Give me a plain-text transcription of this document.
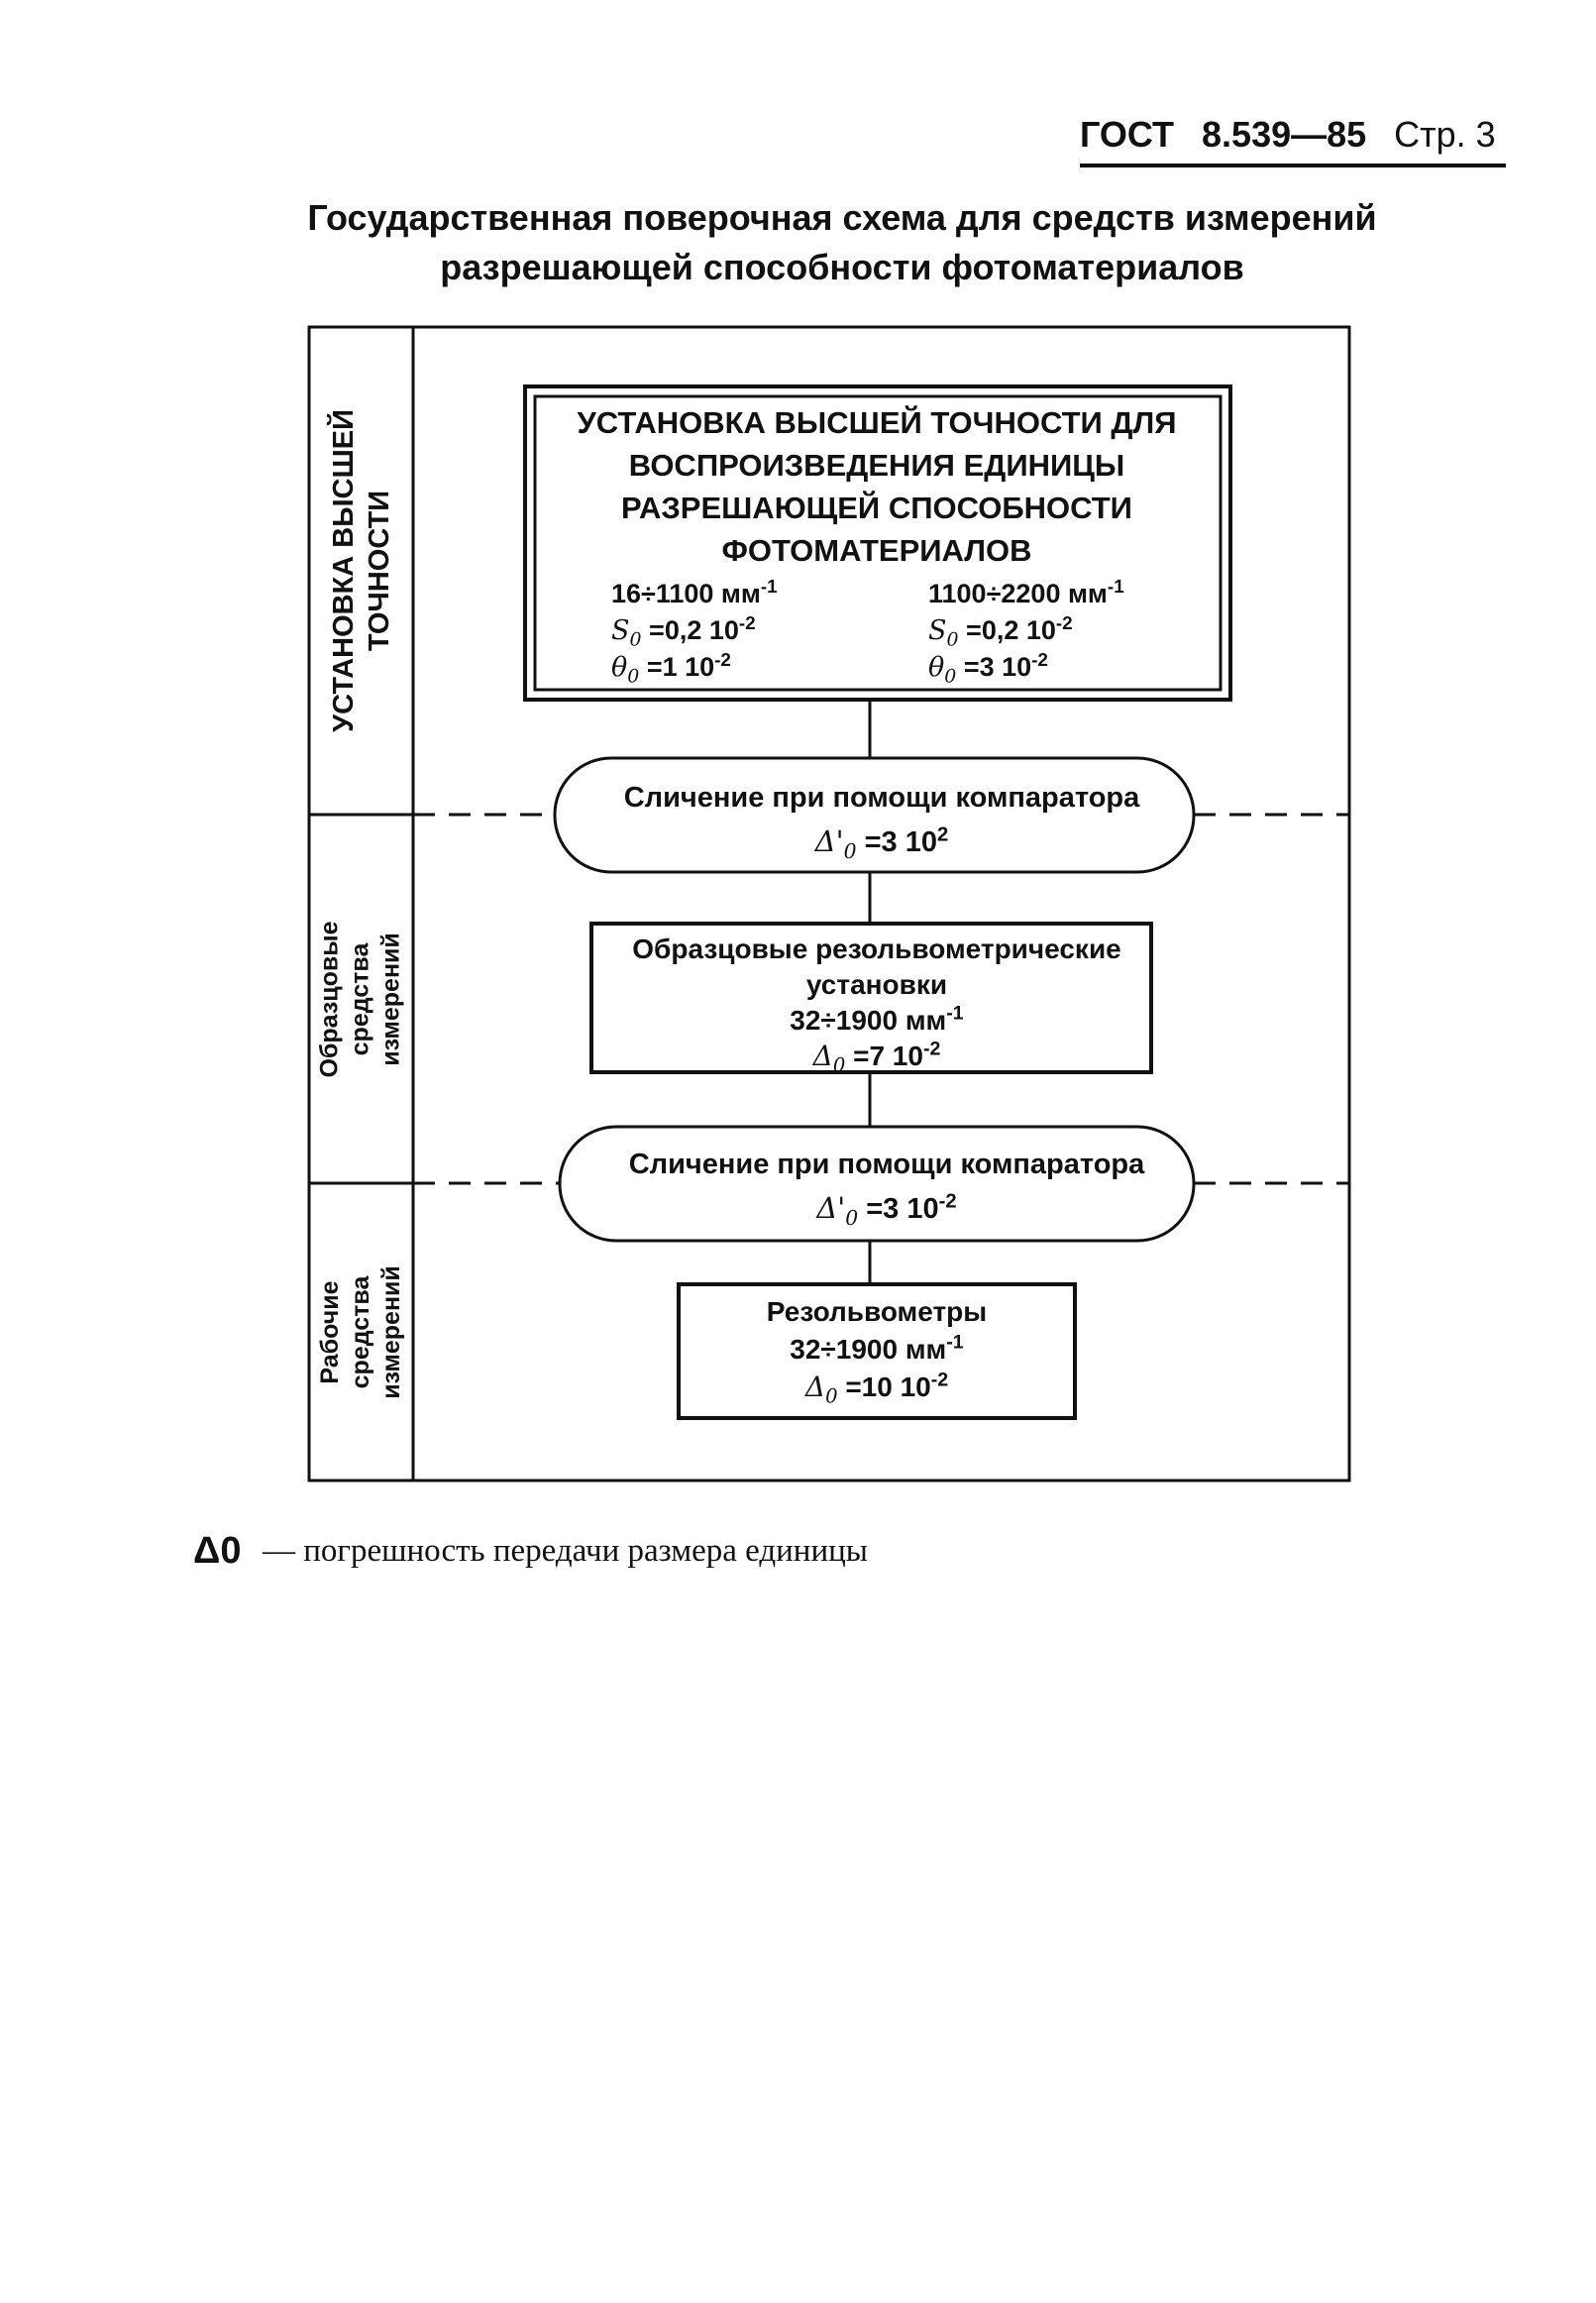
ГОСТ 8.539—85 Стр. 3
Государственная поверочная схема для средств измерений
разрешающей способности фотоматериалов
УСТАНОВКА ВЫСШЕЙ ТОЧНОСТИ
Образцовые средства измерений
Рабочие средства измерений
УСТАНОВКА ВЫСШЕЙ ТОЧНОСТИ ДЛЯ
ВОСПРОИЗВЕДЕНИЯ ЕДИНИЦЫ
РАЗРЕШАЮЩЕЙ СПОСОБНОСТИ
ФОТОМАТЕРИАЛОВ
16÷1100 $мм^{-1}$	1100÷2200 $мм^{-1}$
$S_0 =0,2$ $10^{-2}$	$S_0 =0,2$ $10^{-2}$
$\theta_0 =1$ $10^{-2}$	$\theta_0 =3$ $10^{-2}$
Сличение при помощи компаратора
$\Delta'_0 =3$ $10^2$
Образцовые резольвометрические
установки
32÷1900 $мм^{-1}$
$\Delta_0 =7$ $10^{-2}$
Сличение при помощи компаратора
$\Delta'_0 =3$ $10^{-2}$
Резольвометры
32÷1900 $мм^{-1}$
$\Delta_0 =10$ $10^{-2}$
Δ0 — погрешность передачи размера единицы
